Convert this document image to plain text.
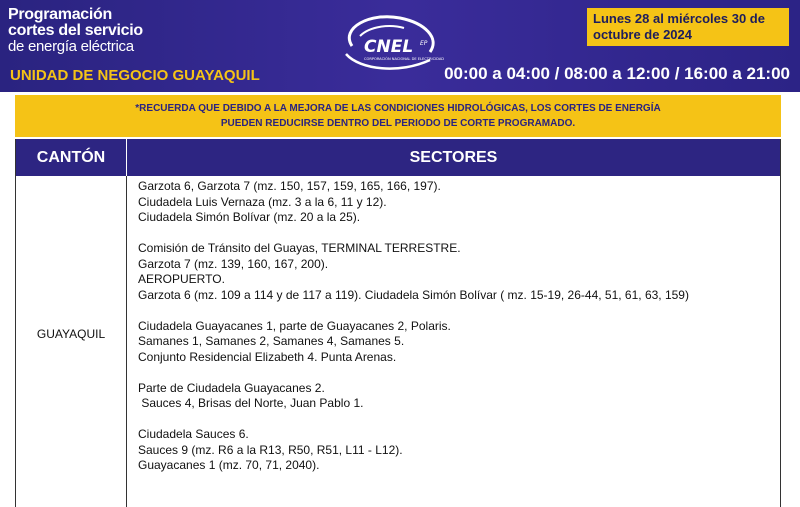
Programación
cortes del servicio
de energía eléctrica
UNIDAD DE NEGOCIO GUAYAQUIL
CNEL EP
CORPORACIÓN NACIONAL DE ELECTRICIDAD
Lunes 28 al miércoles 30 de octubre de 2024
00:00 a 04:00 / 08:00 a 12:00 / 16:00 a 21:00
*RECUERDA QUE DEBIDO A LA MEJORA DE LAS CONDICIONES HIDROLÓGICAS, LOS CORTES DE ENERGÍA
PUEDEN REDUCIRSE DENTRO DEL PERIODO DE CORTE PROGRAMADO.
CANTÓN	SECTORES
GUAYAQUIL
Garzota 6, Garzota 7 (mz. 150, 157, 159, 165, 166, 197).
Ciudadela Luis Vernaza (mz. 3 a la 6, 11 y 12).
Ciudadela Simón Bolívar (mz. 20 a la 25).
Comisión de Tránsito del Guayas, TERMINAL TERRESTRE.
Garzota 7 (mz. 139, 160, 167, 200).
AEROPUERTO.
Garzota 6 (mz. 109 a 114 y de 117 a 119). Ciudadela Simón Bolívar ( mz. 15-19, 26-44, 51, 61, 63, 159)
Ciudadela Guayacanes 1, parte de Guayacanes 2, Polaris.
Samanes 1, Samanes 2, Samanes 4, Samanes 5.
Conjunto Residencial Elizabeth 4. Punta Arenas.
Parte de Ciudadela Guayacanes 2.
Sauces 4, Brisas del Norte, Juan Pablo 1.
Ciudadela Sauces 6.
Sauces 9 (mz. R6 a la R13, R50, R51, L11 - L12).
Guayacanes 1 (mz. 70, 71, 2040).
